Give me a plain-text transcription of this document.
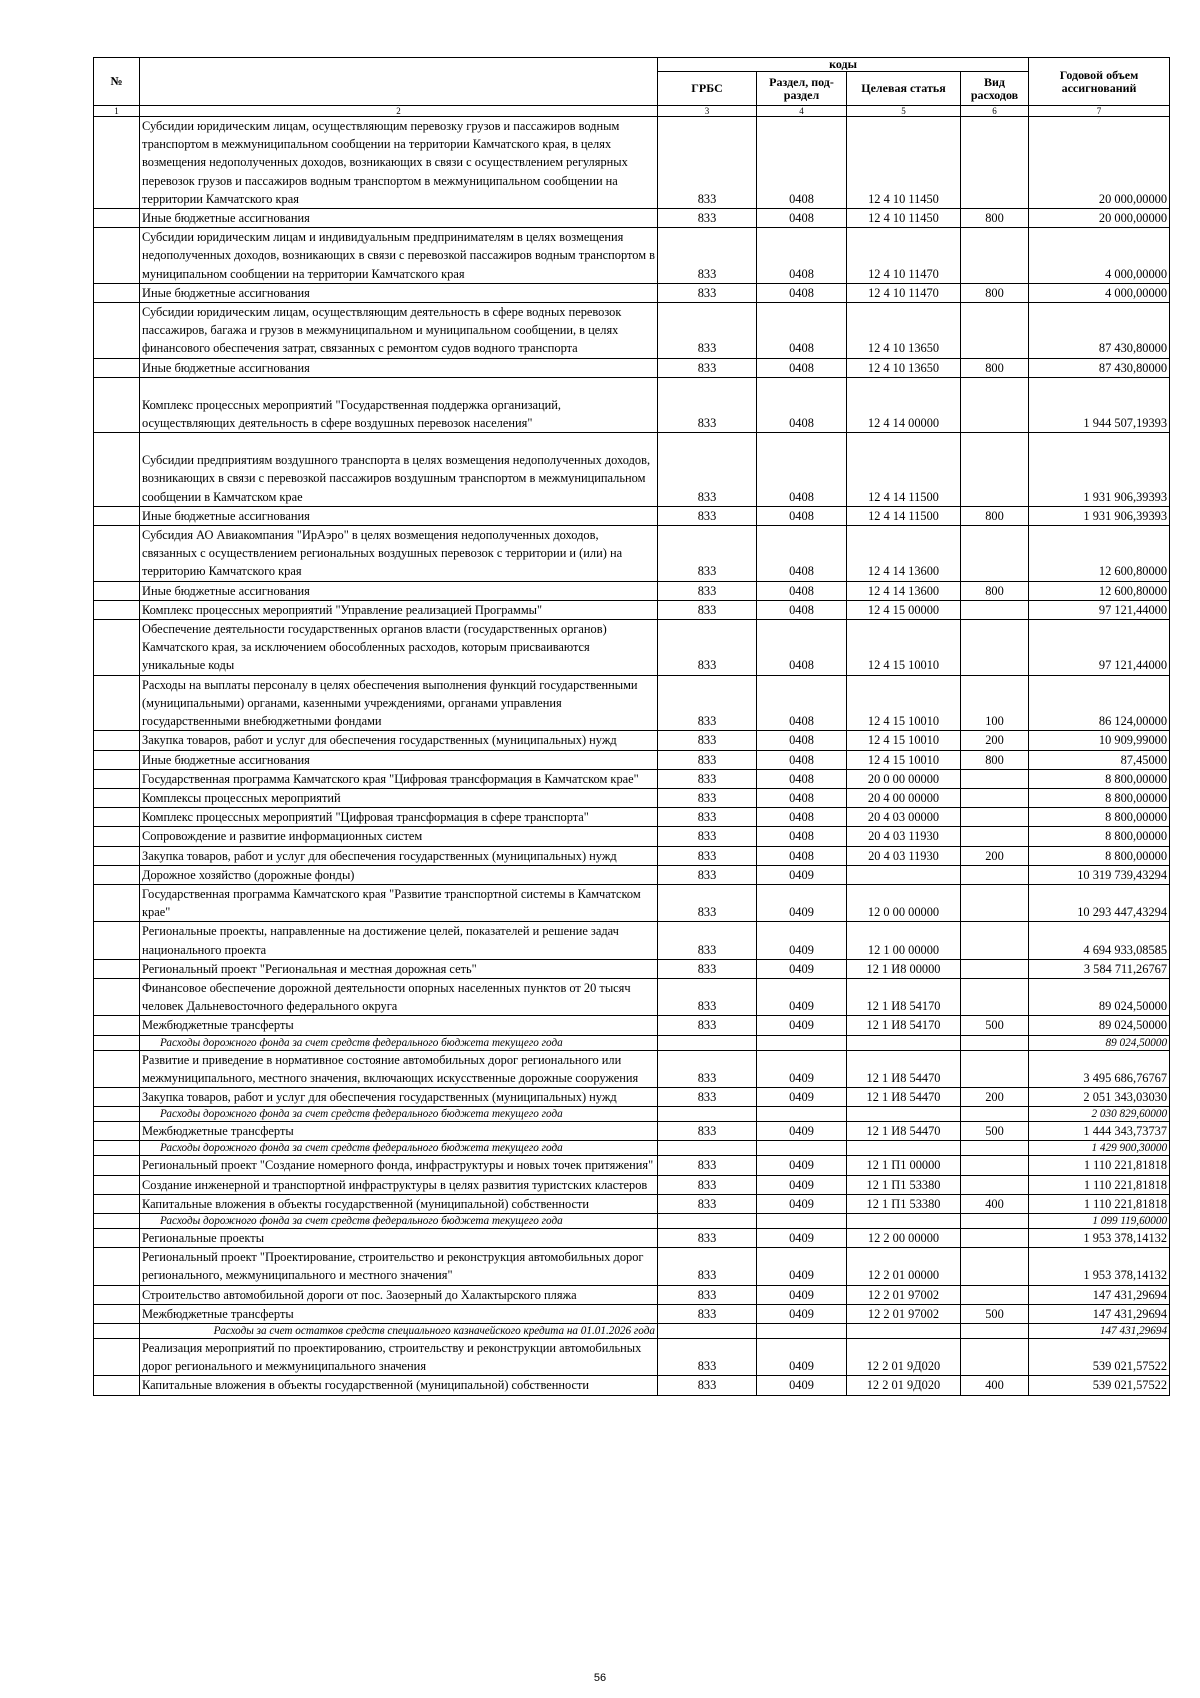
№		коды				Годовой объем ассигнований
		ГРБС	Раздел, под-раздел	Целевая статья	Вид расходов	
1	2	3	4	5	6	7
	Субсидии юридическим лицам, осуществляющим перевозку грузов и пассажиров водным транспортом в межмуниципальном сообщении на территории Камчатского края, в целях возмещения недополученных доходов, возникающих в связи с осуществлением регулярных перевозок грузов и пассажиров водным транспортом в межмуниципальном сообщении на территории Камчатского края	833	0408	12 4 10 11450		20 000,00000
	Иные бюджетные ассигнования	833	0408	12 4 10 11450	800	20 000,00000
	Субсидии юридическим лицам и индивидуальным предпринимателям в целях возмещения недополученных доходов, возникающих в связи с перевозкой пассажиров водным транспортом в муниципальном сообщении на территории Камчатского края	833	0408	12 4 10 11470		4 000,00000
	Иные бюджетные ассигнования	833	0408	12 4 10 11470	800	4 000,00000
	Субсидии юридическим лицам, осуществляющим деятельность в сфере водных перевозок пассажиров, багажа и грузов в межмуниципальном и муниципальном сообщении, в целях финансового обеспечения затрат, связанных с ремонтом судов водного транспорта	833	0408	12 4 10 13650		87 430,80000
	Иные бюджетные ассигнования	833	0408	12 4 10 13650	800	87 430,80000
	Комплекс процессных мероприятий "Государственная поддержка организаций, осуществляющих деятельность в сфере воздушных перевозок населения"	833	0408	12 4 14 00000		1 944 507,19393
	Субсидии предприятиям воздушного транспорта в целях возмещения недополученных доходов, возникающих в связи с перевозкой пассажиров воздушным транспортом в межмуниципальном сообщении в Камчатском крае	833	0408	12 4 14 11500		1 931 906,39393
	Иные бюджетные ассигнования	833	0408	12 4 14 11500	800	1 931 906,39393
	Субсидия АО Авиакомпания "ИрАэро" в целях возмещения недополученных доходов, связанных с осуществлением региональных воздушных перевозок с территории и (или) на территорию Камчатского края	833	0408	12 4 14 13600		12 600,80000
	Иные бюджетные ассигнования	833	0408	12 4 14 13600	800	12 600,80000
	Комплекс процессных мероприятий "Управление реализацией Программы"	833	0408	12 4 15 00000		97 121,44000
	Обеспечение деятельности государственных органов власти (государственных органов) Камчатского края, за исключением обособленных расходов, которым присваиваются уникальные коды	833	0408	12 4 15 10010		97 121,44000
	Расходы на выплаты персоналу в целях обеспечения выполнения функций государственными (муниципальными) органами, казенными учреждениями, органами управления государственными внебюджетными фондами	833	0408	12 4 15 10010	100	86 124,00000
	Закупка товаров, работ и услуг для обеспечения государственных (муниципальных) нужд	833	0408	12 4 15 10010	200	10 909,99000
	Иные бюджетные ассигнования	833	0408	12 4 15 10010	800	87,45000
	Государственная программа Камчатского края "Цифровая трансформация в Камчатском крае"	833	0408	20 0 00 00000		8 800,00000
	Комплексы процессных мероприятий	833	0408	20 4 00 00000		8 800,00000
	Комплекс процессных мероприятий "Цифровая трансформация в сфере транспорта"	833	0408	20 4 03 00000		8 800,00000
	Сопровождение и развитие информационных систем	833	0408	20 4 03 11930		8 800,00000
	Закупка товаров, работ и услуг для обеспечения государственных (муниципальных) нужд	833	0408	20 4 03 11930	200	8 800,00000
	Дорожное хозяйство (дорожные фонды)	833	0409			10 319 739,43294
	Государственная программа Камчатского края "Развитие транспортной системы в Камчатском крае"	833	0409	12 0 00 00000		10 293 447,43294
	Региональные проекты, направленные на достижение целей, показателей и решение задач национального проекта	833	0409	12 1 00 00000		4 694 933,08585
	Региональный проект "Региональная и местная дорожная сеть"	833	0409	12 1 И8 00000		3 584 711,26767
	Финансовое обеспечение дорожной деятельности опорных населенных пунктов от 20 тысяч человек Дальневосточного федерального округа	833	0409	12 1 И8 54170		89 024,50000
	Межбюджетные трансферты	833	0409	12 1 И8 54170	500	89 024,50000
	Расходы дорожного фонда за счет средств федерального бюджета текущего года					89 024,50000
	Развитие и приведение в нормативное состояние автомобильных дорог регионального или межмуниципального, местного значения, включающих искусственные дорожные сооружения	833	0409	12 1 И8 54470		3 495 686,76767
	Закупка товаров, работ и услуг для обеспечения государственных (муниципальных) нужд	833	0409	12 1 И8 54470	200	2 051 343,03030
	Расходы дорожного фонда за счет средств федерального бюджета текущего года					2 030 829,60000
	Межбюджетные трансферты	833	0409	12 1 И8 54470	500	1 444 343,73737
	Расходы дорожного фонда за счет средств федерального бюджета текущего года					1 429 900,30000
	Региональный проект "Создание номерного фонда, инфраструктуры и новых точек притяжения"	833	0409	12 1 П1 00000		1 110 221,81818
	Создание инженерной и транспортной инфраструктуры в целях развития туристских кластеров	833	0409	12 1 П1 53380		1 110 221,81818
	Капитальные вложения в объекты государственной (муниципальной) собственности	833	0409	12 1 П1 53380	400	1 110 221,81818
	Расходы дорожного фонда за счет средств федерального бюджета текущего года					1 099 119,60000
	Региональные проекты	833	0409	12 2 00 00000		1 953 378,14132
	Региональный проект "Проектирование, строительство и реконструкция автомобильных дорог регионального, межмуниципального и местного значения"	833	0409	12 2 01 00000		1 953 378,14132
	Строительство автомобильной дороги от пос. Заозерный до Халактырского пляжа	833	0409	12 2 01 97002		147 431,29694
	Межбюджетные трансферты	833	0409	12 2 01 97002	500	147 431,29694
	Расходы за счет остатков средств специального казначейского кредита на 01.01.2026 года					147 431,29694
	Реализация мероприятий по проектированию, строительству и реконструкции автомобильных дорог регионального и межмуниципального значения	833	0409	12 2 01 9Д020		539 021,57522
	Капитальные вложения в объекты государственной (муниципальной) собственности	833	0409	12 2 01 9Д020	400	539 021,57522
56
